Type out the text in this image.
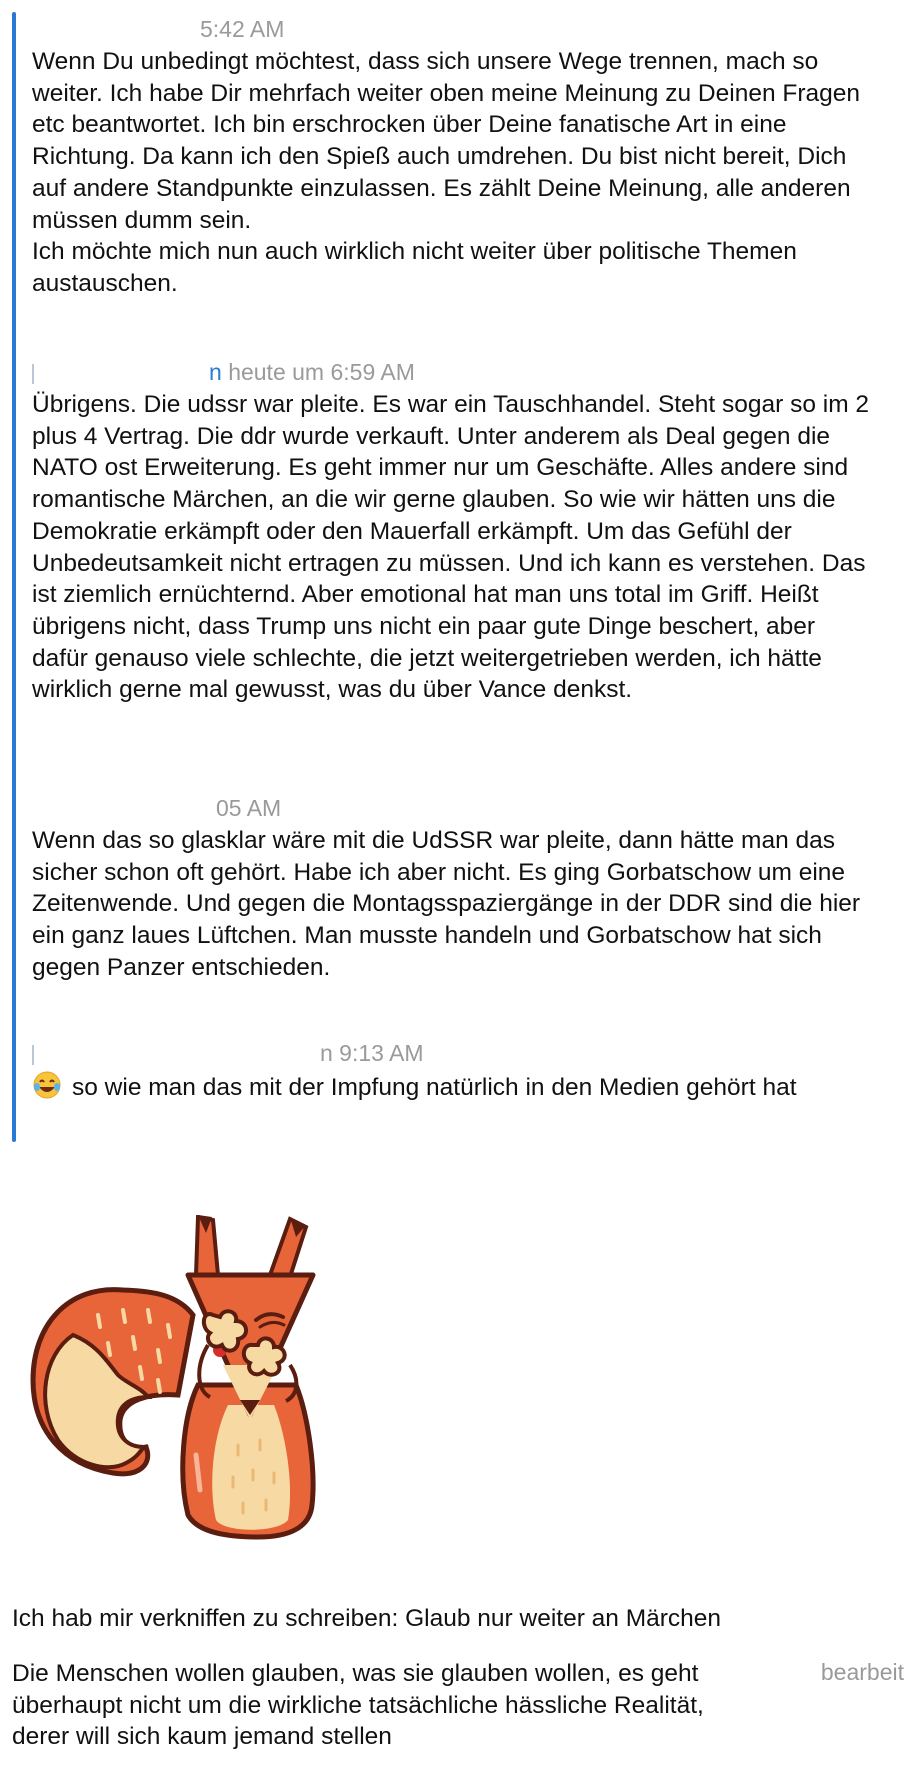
5:42 AM
Wenn Du unbedingt möchtest, dass sich unsere Wege trennen, mach so weiter. Ich habe Dir mehrfach weiter oben meine Meinung zu Deinen Fragen etc beantwortet. Ich bin erschrocken über Deine fanatische Art in eine Richtung. Da kann ich den Spieß auch umdrehen. Du bist nicht bereit, Dich auf andere Standpunkte einzulassen. Es zählt Deine Meinung, alle anderen müssen dumm sein.
Ich möchte mich nun auch wirklich nicht weiter über politische Themen austauschen.
n heute um 6:59 AM
Übrigens. Die udssr war pleite. Es war ein Tauschhandel. Steht sogar so im 2 plus 4 Vertrag. Die ddr wurde verkauft. Unter anderem als Deal gegen die NATO ost Erweiterung. Es geht immer nur um Geschäfte. Alles andere sind romantische Märchen, an die wir gerne glauben. So wie wir hätten uns die Demokratie erkämpft oder den Mauerfall erkämpft. Um das Gefühl der Unbedeutsamkeit nicht ertragen zu müssen. Und ich kann es verstehen. Das ist ziemlich ernüchternd. Aber emotional hat man uns total im Griff. Heißt übrigens nicht, dass Trump uns nicht ein paar gute Dinge beschert, aber dafür genauso viele schlechte, die jetzt weitergetrieben werden, ich hätte wirklich gerne mal gewusst, was du über Vance denkst.
05 AM
Wenn das so glasklar wäre mit die UdSSR war pleite, dann hätte man das sicher schon oft gehört. Habe ich aber nicht. Es ging Gorbatschow um eine Zeitenwende. Und gegen die Montagsspaziergänge in der DDR sind die hier ein ganz laues Lüftchen. Man musste handeln und Gorbatschow hat sich gegen Panzer entschieden.
n 9:13 AM
so wie man das mit der Impfung natürlich in den Medien gehört hat
Ich hab mir verkniffen zu schreiben: Glaub nur weiter an Märchen
Die Menschen wollen glauben, was sie glauben wollen, es geht überhaupt nicht um die wirkliche tatsächliche hässliche Realität, derer will sich kaum jemand stellen
bearbeit
